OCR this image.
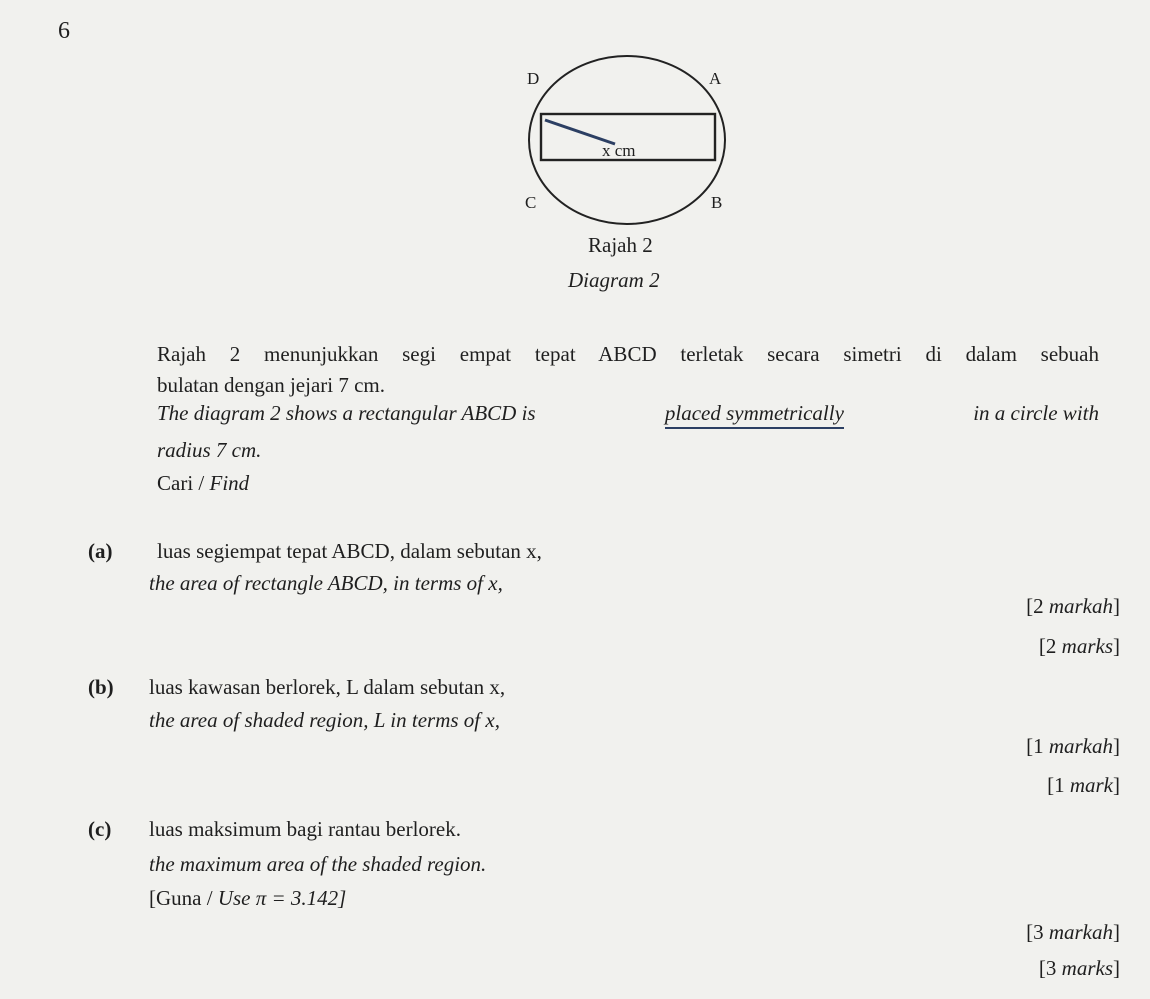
6
D	A
C	B
x cm
Rajah 2
Diagram 2
Rajah 2 menunjukkan segi empat tepat ABCD terletak secara simetri di dalam sebuah
bulatan dengan jejari 7 cm.
The diagram 2 shows a rectangular ABCD is	placed symmetrically	in a circle with
radius 7 cm.
Cari / Find
(a) luas segiempat tepat ABCD, dalam sebutan x,
the area of rectangle ABCD, in terms of x,
[2 markah]
[2 marks]
(b) luas kawasan berlorek, L dalam sebutan x,
the area of shaded region, L in terms of x,
[1 markah]
[1 mark]
(c) luas maksimum bagi rantau berlorek.
the maximum area of the shaded region.
[Guna / Use π = 3.142]
[3 markah]
[3 marks]
